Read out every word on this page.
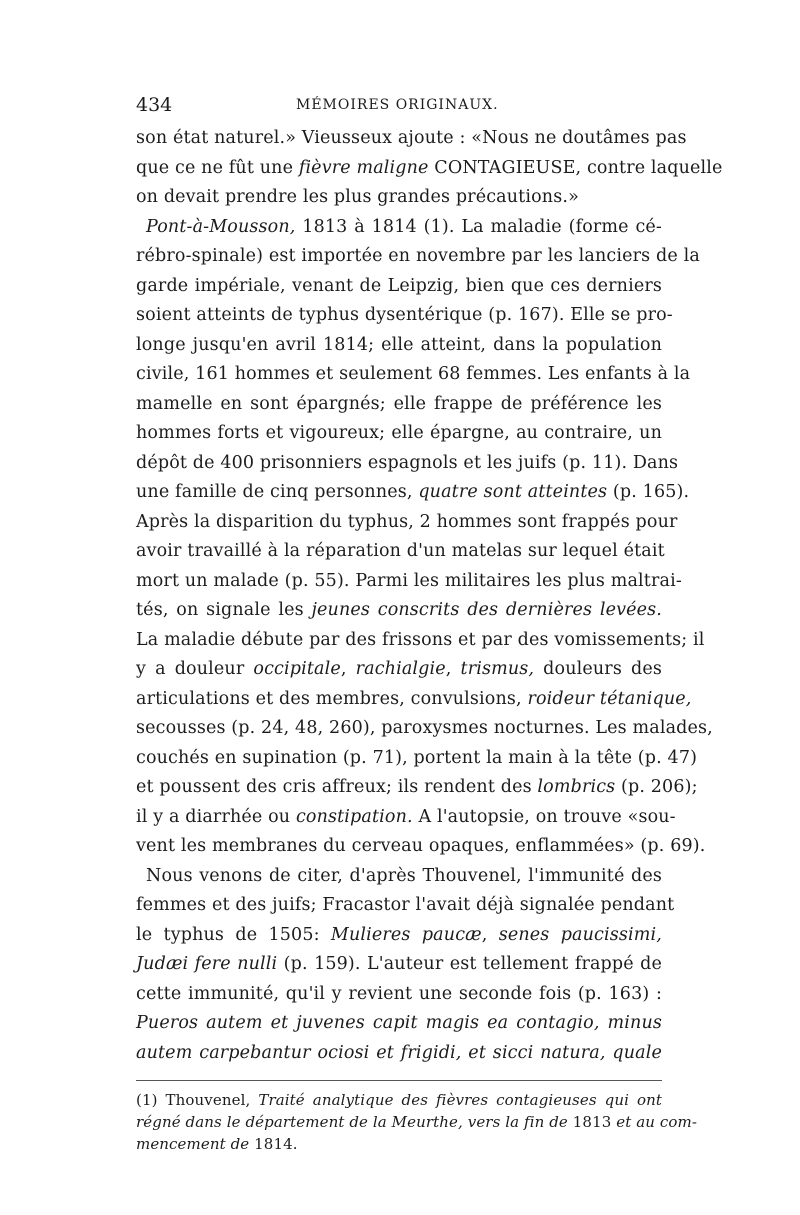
434	MÉMOIRES ORIGINAUX.
son état naturel.» Vieusseux ajoute : «Nous ne doutâmes pas
que ce ne fût une fièvre maligne CONTAGIEUSE, contre laquelle
on devait prendre les plus grandes précautions.»
Pont-à-Mousson, 1813 à 1814 (1). La maladie (forme cé-
rébro-spinale) est importée en novembre par les lanciers de la
garde impériale, venant de Leipzig, bien que ces derniers
soient atteints de typhus dysentérique (p. 167). Elle se pro-
longe jusqu'en avril 1814; elle atteint, dans la population
civile, 161 hommes et seulement 68 femmes. Les enfants à la
mamelle en sont épargnés; elle frappe de préférence les
hommes forts et vigoureux; elle épargne, au contraire, un
dépôt de 400 prisonniers espagnols et les juifs (p. 11). Dans
une famille de cinq personnes, quatre sont atteintes (p. 165).
Après la disparition du typhus, 2 hommes sont frappés pour
avoir travaillé à la réparation d'un matelas sur lequel était
mort un malade (p. 55). Parmi les militaires les plus maltrai-
tés, on signale les jeunes conscrits des dernières levées.
La maladie débute par des frissons et par des vomissements; il
y a douleur occipitale, rachialgie, trismus, douleurs des
articulations et des membres, convulsions, roideur tétanique,
secousses (p. 24, 48, 260), paroxysmes nocturnes. Les malades,
couchés en supination (p. 71), portent la main à la tête (p. 47)
et poussent des cris affreux; ils rendent des lombrics (p. 206);
il y a diarrhée ou constipation. A l'autopsie, on trouve «sou-
vent les membranes du cerveau opaques, enflammées» (p. 69).
Nous venons de citer, d'après Thouvenel, l'immunité des
femmes et des juifs; Fracastor l'avait déjà signalée pendant
le typhus de 1505: Mulieres paucæ, senes paucissimi,
Judæi fere nulli (p. 159). L'auteur est tellement frappé de
cette immunité, qu'il y revient une seconde fois (p. 163) :
Pueros autem et juvenes capit magis ea contagio, minus
autem carpebantur ociosi et frigidi, et sicci natura, quale
(1) Thouvenel, Traité analytique des fièvres contagieuses qui ont
régné dans le département de la Meurthe, vers la fin de 1813 et au com-
mencement de 1814.
